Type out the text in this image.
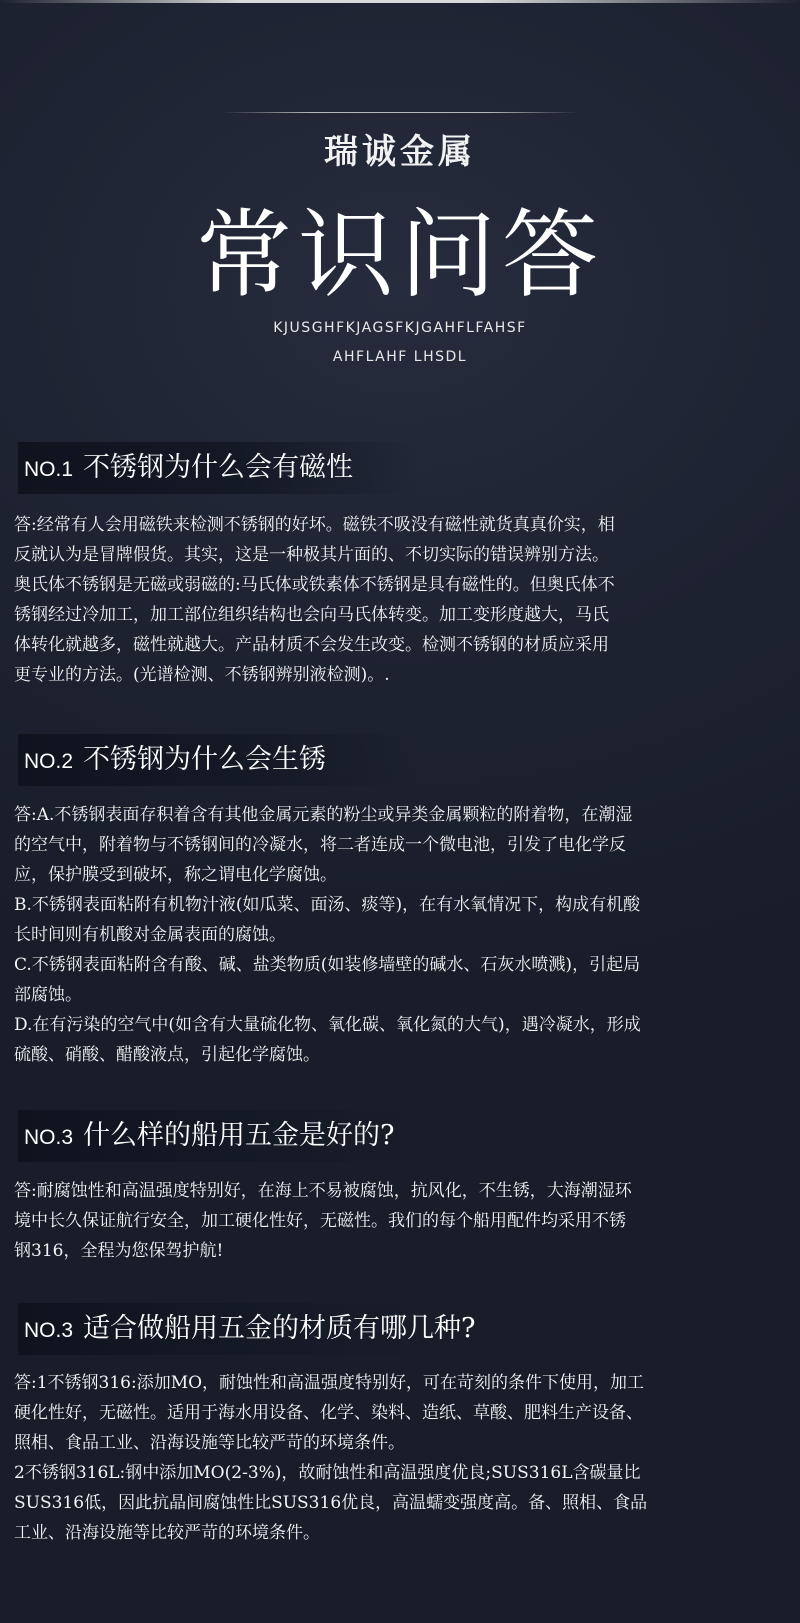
瑞诚金属
常识问答
KJUSGHFKJAGSFKJGAHFLFAHSF
AHFLAHF LHSDL
NO.1 不锈钢为什么会有磁性
答:经常有人会用磁铁来检测不锈钢的好坏。磁铁不吸没有磁性就货真真价实，相
反就认为是冒牌假货。其实，这是一种极其片面的、不切实际的错误辨别方法。
奥氏体不锈钢是无磁或弱磁的:马氏体或铁素体不锈钢是具有磁性的。但奥氏体不
锈钢经过冷加工，加工部位组织结构也会向马氏体转变。加工变形度越大，马氏
体转化就越多，磁性就越大。产品材质不会发生改变。检测不锈钢的材质应采用
更专业的方法。(光谱检测、不锈钢辨别液检测)。.
NO.2 不锈钢为什么会生锈
答:A.不锈钢表面存积着含有其他金属元素的粉尘或异类金属颗粒的附着物，在潮湿
的空气中，附着物与不锈钢间的冷凝水，将二者连成一个微电池，引发了电化学反
应，保护膜受到破坏，称之谓电化学腐蚀。
B.不锈钢表面粘附有机物汁液(如瓜菜、面汤、痰等)，在有水氧情况下，构成有机酸
长时间则有机酸对金属表面的腐蚀。
C.不锈钢表面粘附含有酸、碱、盐类物质(如装修墙壁的碱水、石灰水喷溅)，引起局
部腐蚀。
D.在有污染的空气中(如含有大量硫化物、氧化碳、氧化氮的大气)，遇冷凝水，形成
硫酸、硝酸、醋酸液点，引起化学腐蚀。
NO.3 什么样的船用五金是好的?
答:耐腐蚀性和高温强度特别好，在海上不易被腐蚀，抗风化，不生锈，大海潮湿环
境中长久保证航行安全，加工硬化性好，无磁性。我们的每个船用配件均采用不锈
钢316，全程为您保驾护航!
NO.3 适合做船用五金的材质有哪几种?
答:1不锈钢316:添加MO，耐蚀性和高温强度特别好，可在苛刻的条件下使用，加工
硬化性好，无磁性。适用于海水用设备、化学、染料、造纸、草酸、肥料生产设备、
照相、食品工业、沿海设施等比较严苛的环境条件。
2不锈钢316L:钢中添加MO(2-3%)，故耐蚀性和高温强度优良;SUS316L含碳量比
SUS316低，因此抗晶间腐蚀性比SUS316优良，高温蠕变强度高。备、照相、食品
工业、沿海设施等比较严苛的环境条件。
